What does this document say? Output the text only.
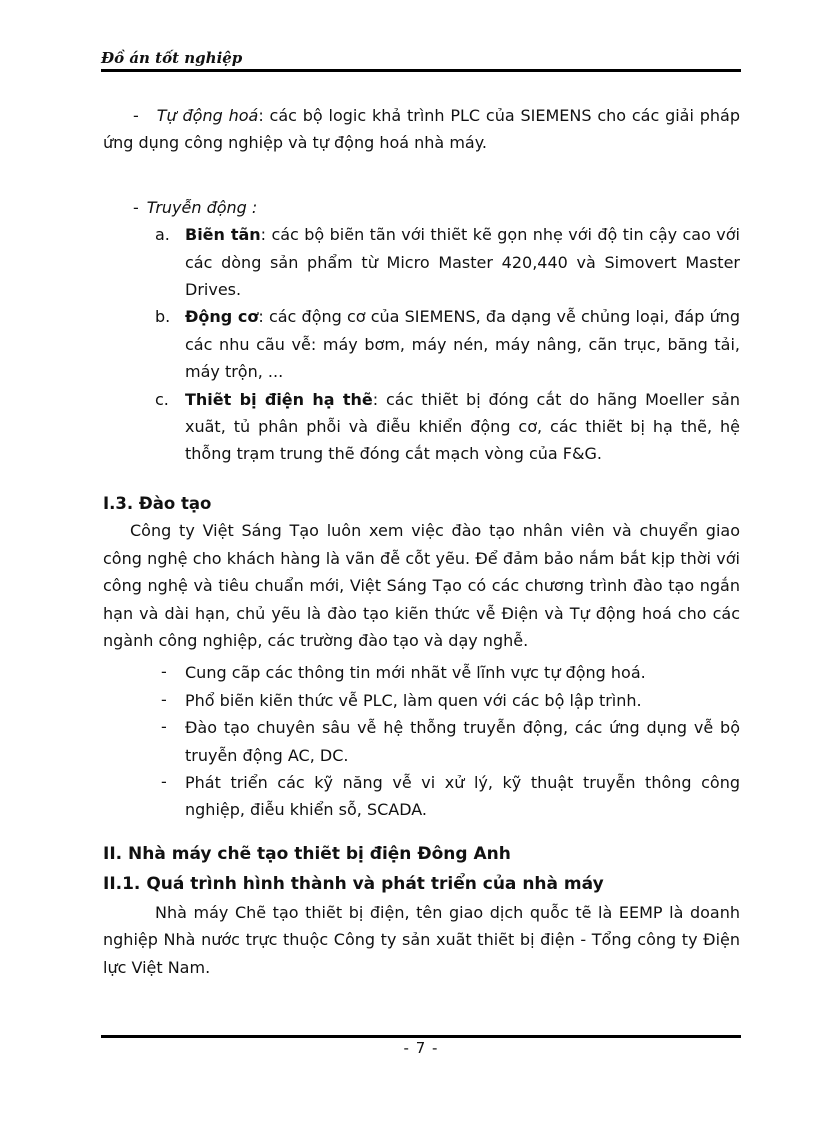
Đồ án tốt nghiệp

- Tự động hoá: các bộ logic khả trình PLC của SIEMENS cho các giải pháp ứng dụng công nghiệp và tự động hoá nhà máy.

- Truyễn động :

a. Biẽn tãn: các bộ biẽn tãn với thiẽt kẽ gọn nhẹ với độ tin cậy cao với các dòng sản phẩm từ Micro Master 420,440 và Simovert Master Drives.
b. Động cơ: các động cơ của SIEMENS, đa dạng vễ chủng loại, đáp ứng các nhu cãu vễ: máy bơm, máy nén, máy nâng, cãn trục, băng tải, máy trộn, ...
c. Thiẽt bị điện hạ thẽ: các thiẽt bị đóng cắt do hãng Moeller sản xuãt, tủ phân phỗi và điễu khiển động cơ, các thiẽt bị hạ thẽ, hệ thỗng trạm trung thẽ đóng cắt mạch vòng của F&G.

I.3. Đào tạo

Công ty Việt Sáng Tạo luôn xem việc đào tạo nhân viên và chuyển giao công nghệ cho khách hàng là vãn đễ cỗt yẽu. Để đảm bảo nắm bắt kịp thời với công nghệ và tiêu chuẩn mới, Việt Sáng Tạo có các chương trình đào tạo ngắn hạn và dài hạn, chủ yẽu là đào tạo kiẽn thức vễ Điện và Tự động hoá cho các ngành công nghiệp, các trường đào tạo và dạy nghễ.

- Cung cãp các thông tin mới nhãt vễ lĩnh vực tự động hoá.
- Phổ biẽn kiẽn thức vễ PLC, làm quen với các bộ lập trình.
- Đào tạo chuyên sâu vễ hệ thỗng truyễn động, các ứng dụng vễ bộ truyễn động AC, DC.
- Phát triển các kỹ năng vễ vi xử lý, kỹ thuật truyễn thông công nghiệp, điễu khiển sỗ, SCADA.

II. Nhà máy chẽ tạo thiẽt bị điện Đông Anh

II.1. Quá trình hình thành và phát triển của nhà máy

Nhà máy Chẽ tạo thiẽt bị điện, tên giao dịch quỗc tẽ là EEMP là doanh nghiệp Nhà nước trực thuộc Công ty sản xuãt thiẽt bị điện - Tổng công ty Điện lực Việt Nam.

- 7 -
